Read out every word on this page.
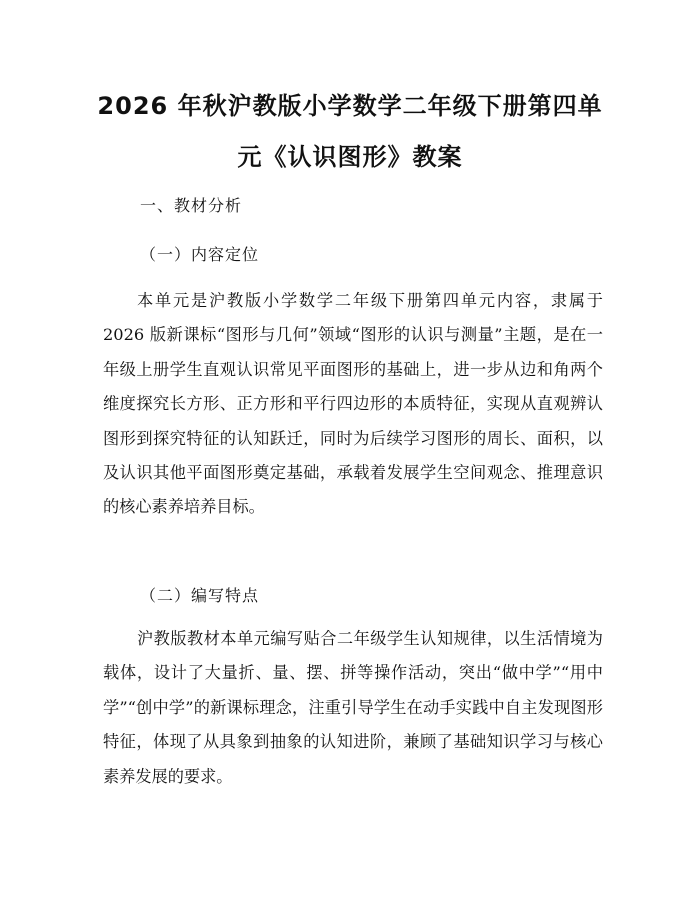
2026 年秋沪教版小学数学二年级下册第四单
元《认识图形》教案

一、教材分析

（一）内容定位

本单元是沪教版小学数学二年级下册第四单元内容，隶属于 2026 版新课标“图形与几何”领域“图形的认识与测量”主题，是在一年级上册学生直观认识常见平面图形的基础上，进一步从边和角两个维度探究长方形、正方形和平行四边形的本质特征，实现从直观辨认图形到探究特征的认知跃迁，同时为后续学习图形的周长、面积，以及认识其他平面图形奠定基础，承载着发展学生空间观念、推理意识的核心素养培养目标。

（二）编写特点

沪教版教材本单元编写贴合二年级学生认知规律，以生活情境为载体，设计了大量折、量、摆、拼等操作活动，突出“做中学”“用中学”“创中学”的新课标理念，注重引导学生在动手实践中自主发现图形特征，体现了从具象到抽象的认知进阶，兼顾了基础知识学习与核心素养发展的要求。
